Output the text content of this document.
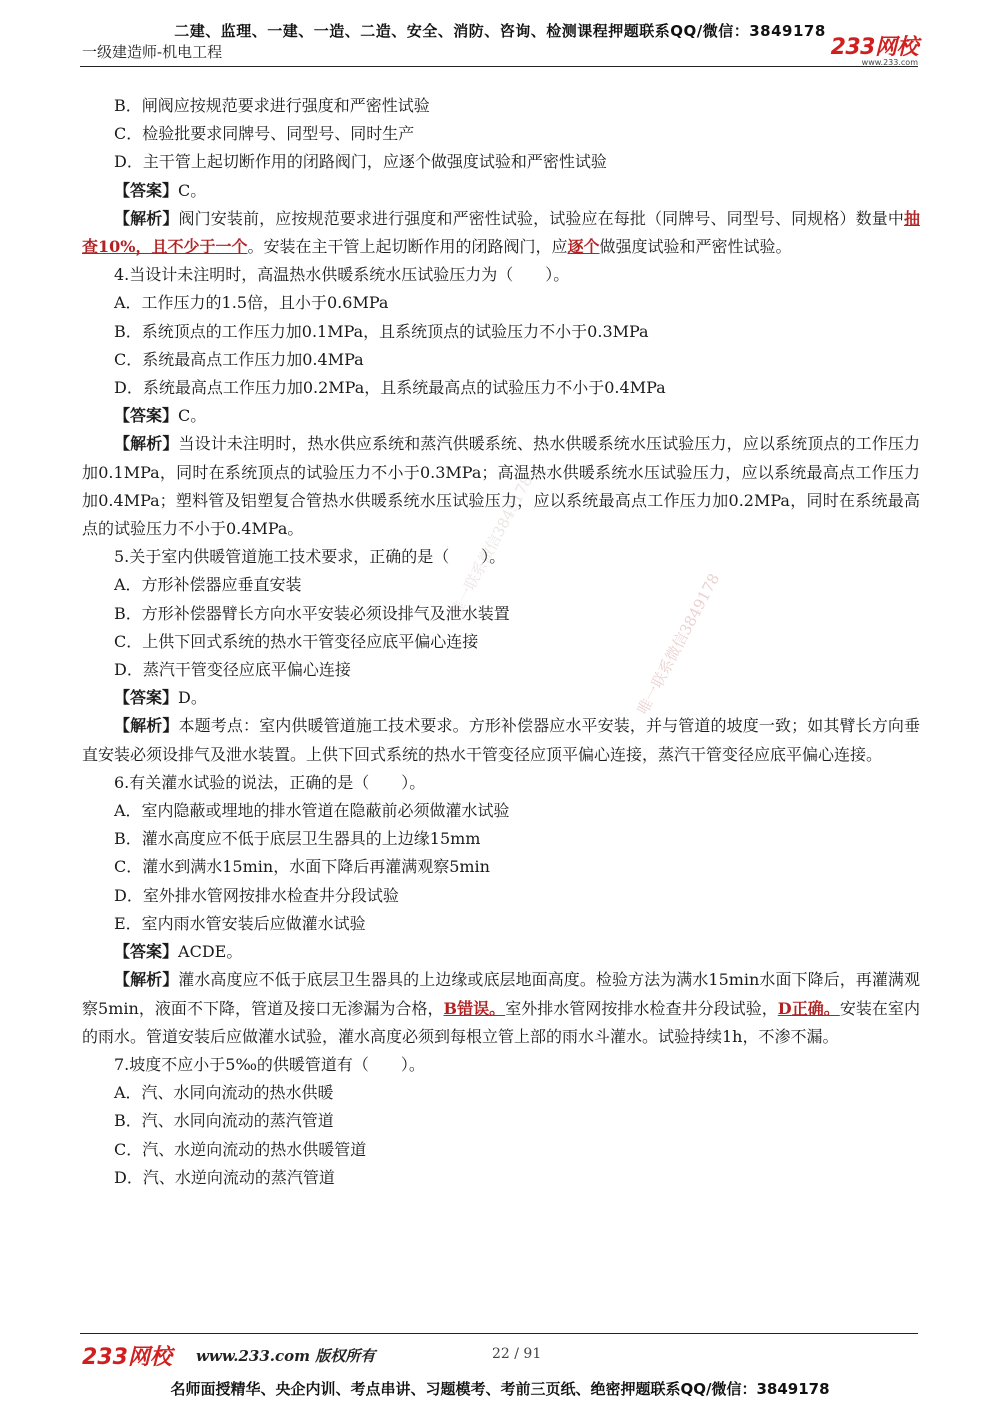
二建、监理、一建、一造、二造、安全、消防、咨询、检测课程押题联系QQ/微信：3849178
一级建造师-机电工程	233网校
www.233.com
B．闸阀应按规范要求进行强度和严密性试验
C．检验批要求同牌号、同型号、同时生产
D．主干管上起切断作用的闭路阀门，应逐个做强度试验和严密性试验
【答案】C。
【解析】阀门安装前，应按规范要求进行强度和严密性试验，试验应在每批（同牌号、同型号、同规格）数量中抽查10%，且不少于一个。安装在主干管上起切断作用的闭路阀门，应逐个做强度试验和严密性试验。
4.当设计未注明时，高温热水供暖系统水压试验压力为（　　）。
A．工作压力的1.5倍，且小于0.6MPa
B．系统顶点的工作压力加0.1MPa，且系统顶点的试验压力不小于0.3MPa
C．系统最高点工作压力加0.4MPa
D．系统最高点工作压力加0.2MPa，且系统最高点的试验压力不小于0.4MPa
【答案】C。
【解析】当设计未注明时，热水供应系统和蒸汽供暖系统、热水供暖系统水压试验压力，应以系统顶点的工作压力加0.1MPa，同时在系统顶点的试验压力不小于0.3MPa；高温热水供暖系统水压试验压力，应以系统最高点工作压力加0.4MPa；塑料管及铝塑复合管热水供暖系统水压试验压力，应以系统最高点工作压力加0.2MPa，同时在系统最高点的试验压力不小于0.4MPa。
5.关于室内供暖管道施工技术要求，正确的是（　　）。
A．方形补偿器应垂直安装
B．方形补偿器臂长方向水平安装必须设排气及泄水装置
C．上供下回式系统的热水干管变径应底平偏心连接
D．蒸汽干管变径应底平偏心连接
【答案】D。
【解析】本题考点：室内供暖管道施工技术要求。方形补偿器应水平安装，并与管道的坡度一致；如其臂长方向垂直安装必须设排气及泄水装置。上供下回式系统的热水干管变径应顶平偏心连接，蒸汽干管变径应底平偏心连接。
6.有关灌水试验的说法，正确的是（　　）。
A．室内隐蔽或埋地的排水管道在隐蔽前必须做灌水试验
B．灌水高度应不低于底层卫生器具的上边缘15mm
C．灌水到满水15min，水面下降后再灌满观察5min
D．室外排水管网按排水检查井分段试验
E．室内雨水管安装后应做灌水试验
【答案】ACDE。
【解析】灌水高度应不低于底层卫生器具的上边缘或底层地面高度。检验方法为满水15min水面下降后，再灌满观察5min，液面不下降，管道及接口无渗漏为合格，B错误。室外排水管网按排水检查井分段试验，D正确。安装在室内的雨水。管道安装后应做灌水试验，灌水高度必须到每根立管上部的雨水斗灌水。试验持续1h，不渗不漏。
7.坡度不应小于5‰的供暖管道有（　　）。
A．汽、水同向流动的热水供暖
B．汽、水同向流动的蒸汽管道
C．汽、水逆向流动的热水供暖管道
D．汽、水逆向流动的蒸汽管道
唯一联系微信3849178
唯一联系微信3849178
233网校 www.233.com 版权所有	22 / 91
名师面授精华、央企内训、考点串讲、习题模考、考前三页纸、绝密押题联系QQ/微信：3849178
